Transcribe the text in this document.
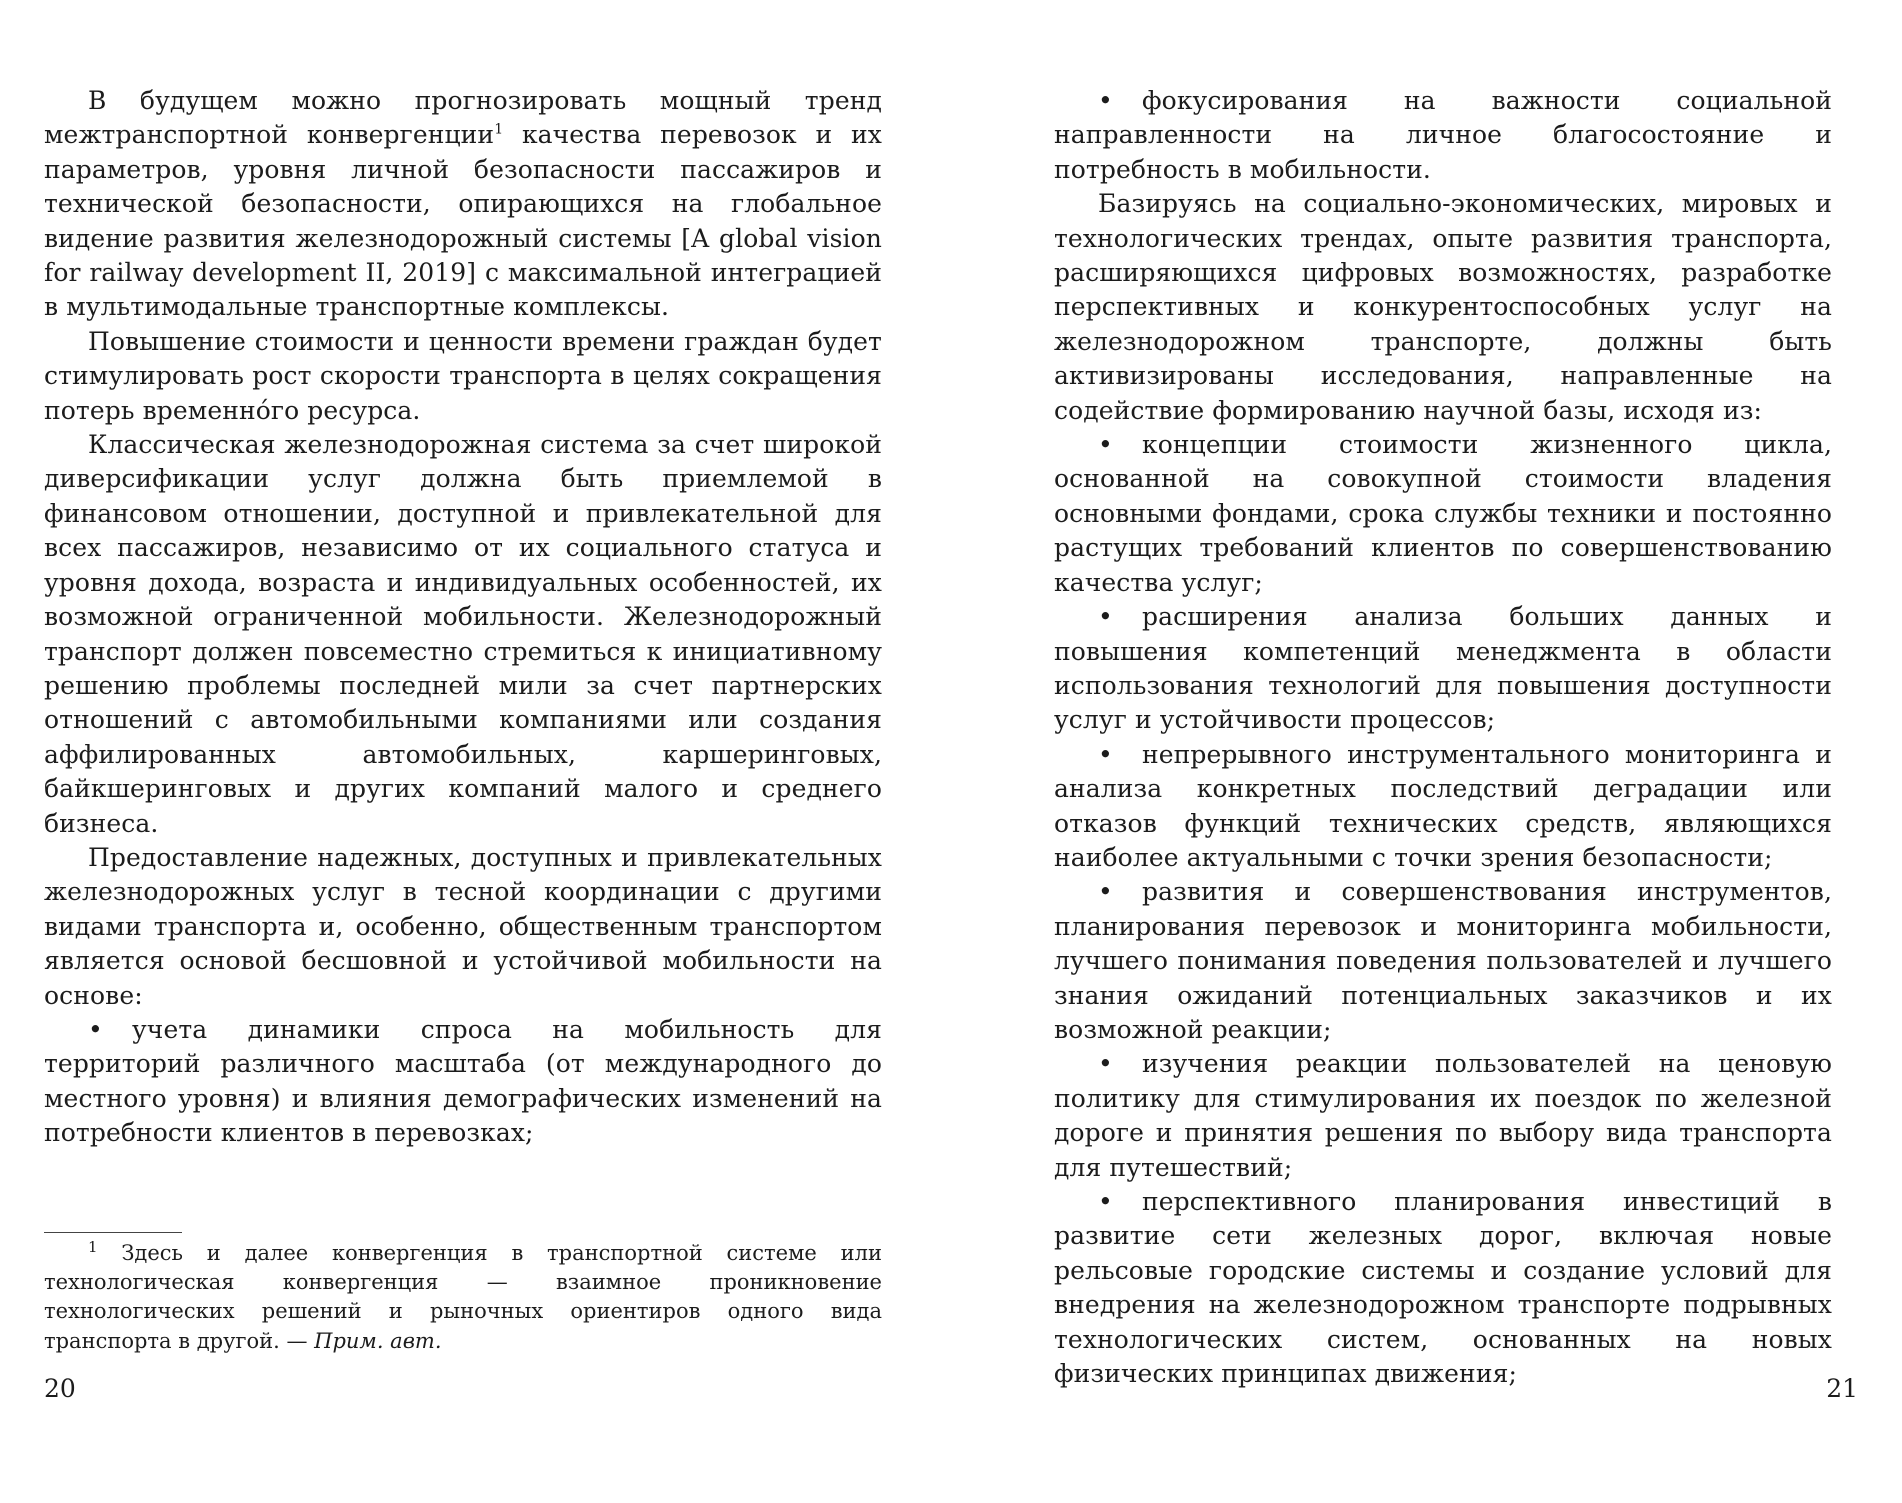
В будущем можно прогнозировать мощный тренд межтранспортной конвергенции$^1$ качества перевозок и их параметров, уровня личной безопасности пассажиров и технической безопасности, опирающихся на глобальное видение развития железнодорожный системы [A global vision for railway development II, 2019] с максимальной интеграцией в мультимодальные транспортные комплексы.

Повышение стоимости и ценности времени граждан будет стимулировать рост скорости транспорта в целях сокращения потерь временно́го ресурса.

Классическая железнодорожная система за счет широкой диверсификации услуг должна быть приемлемой в финансовом отношении, доступной и привлекательной для всех пассажиров, независимо от их социального статуса и уровня дохода, возраста и индивидуальных особенностей, их возможной ограниченной мобильности. Железнодорожный транспорт должен повсеместно стремиться к инициативному решению проблемы последней мили за счет партнерских отношений с автомобильными компаниями или создания аффилированных автомобильных, каршеринговых, байкшеринговых и других компаний малого и среднего бизнеса.

Предоставление надежных, доступных и привлекательных железнодорожных услуг в тесной координации с другими видами транспорта и, особенно, общественным транспортом является основой бесшовной и устойчивой мобильности на основе:

• учета динамики спроса на мобильность для территорий различного масштаба (от международного до местного уровня) и влияния демографических изменений на потребности клиентов в перевозках;

$^1$ Здесь и далее конвергенция в транспортной системе или технологическая конвергенция — взаимное проникновение технологических решений и рыночных ориентиров одного вида транспорта в другой. — Прим. авт.

20

• фокусирования на важности социальной направленности на личное благосостояние и потребность в мобильности.

Базируясь на социально-экономических, мировых и технологических трендах, опыте развития транспорта, расширяющихся цифровых возможностях, разработке перспективных и конкурентоспособных услуг на железнодорожном транспорте, должны быть активизированы исследования, направленные на содействие формированию научной базы, исходя из:

• концепции стоимости жизненного цикла, основанной на совокупной стоимости владения основными фондами, срока службы техники и постоянно растущих требований клиентов по совершенствованию качества услуг;

• расширения анализа больших данных и повышения компетенций менеджмента в области использования технологий для повышения доступности услуг и устойчивости процессов;

• непрерывного инструментального мониторинга и анализа конкретных последствий деградации или отказов функций технических средств, являющихся наиболее актуальными с точки зрения безопасности;

• развития и совершенствования инструментов, планирования перевозок и мониторинга мобильности, лучшего понимания поведения пользователей и лучшего знания ожиданий потенциальных заказчиков и их возможной реакции;

• изучения реакции пользователей на ценовую политику для стимулирования их поездок по железной дороге и принятия решения по выбору вида транспорта для путешествий;

• перспективного планирования инвестиций в развитие сети железных дорог, включая новые рельсовые городские системы и создание условий для внедрения на железнодорожном транспорте подрывных технологических систем, основанных на новых физических принципах движения;

21
